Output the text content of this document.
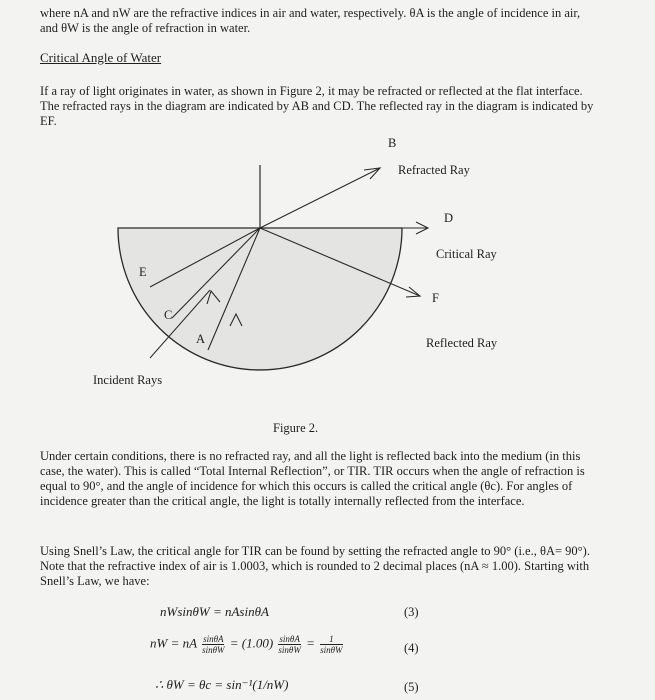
where nA and nW are the refractive indices in air and water, respectively. θA is the angle of incidence in air, and θW is the angle of refraction in water.
Critical Angle of Water
If a ray of light originates in water, as shown in Figure 2, it may be refracted or reflected at the flat interface. The refracted rays in the diagram are indicated by AB and CD. The reflected ray in the diagram is indicated by EF.
B
Refracted Ray
D
Critical Ray
E
F
C
A	Reflected Ray
Incident Rays
Figure 2.
Under certain conditions, there is no refracted ray, and all the light is reflected back into the medium (in this case, the water). This is called “Total Internal Reflection”, or TIR. TIR occurs when the angle of refraction is equal to 90°, and the angle of incidence for which this occurs is called the critical angle (θc). For angles of incidence greater than the critical angle, the light is totally internally reflected from the interface.
Using Snell’s Law, the critical angle for TIR can be found by setting the refracted angle to 90° (i.e., θA= 90°). Note that the refractive index of air is 1.0003, which is rounded to 2 decimal places (nA ≈ 1.00). Starting with Snell’s Law, we have:
nWsinθW = nAsinθA	(3)
nW = nA $\frac{\sin\theta A}{\sin\theta W} = (1.00) \frac{\sin\theta A}{\sin\theta W} = \frac{1}{\sin\theta W}$	(4)
∴ θW = θc = sin⁻¹(1/nW)	(5)
